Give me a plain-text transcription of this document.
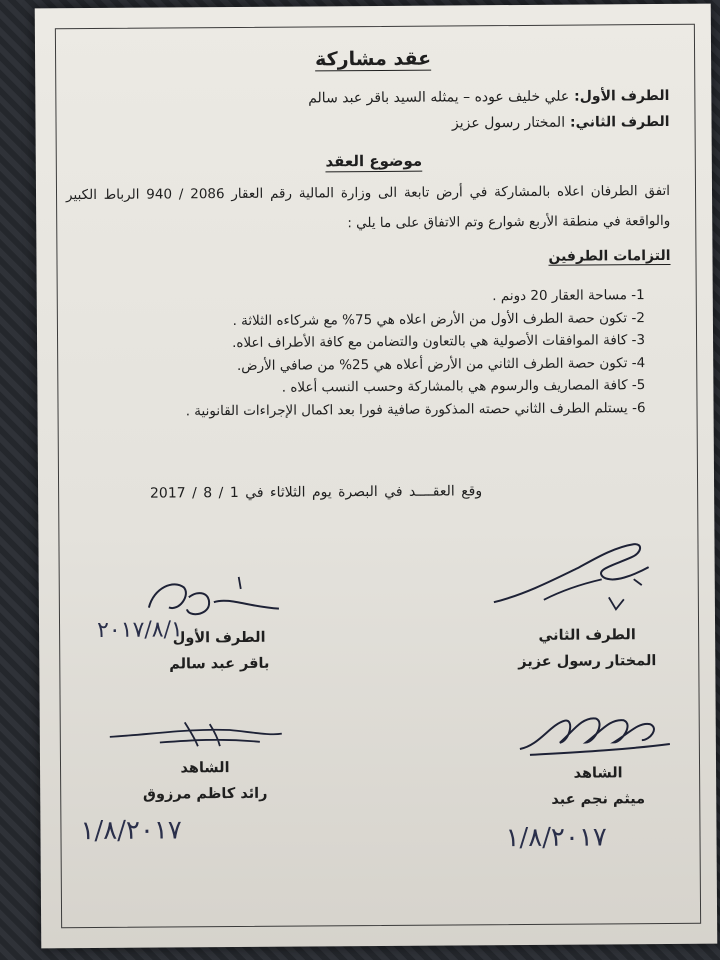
عقد مشاركة
الطرف الأول: علي خليف عوده – يمثله السيد باقر عبد سالم
الطرف الثاني: المختار رسول عزيز
موضوع العقد
اتفق الطرفان اعلاه بالمشاركة في أرض تابعة الى وزارة المالية رقم العقار 2086 / 940 الرباط الكبير والواقعة في منطقة الأربع شوارع وتم الاتفاق على ما يلي :
التزامات الطرفين
1- مساحة العقار 20 دونم .
2- تكون حصة الطرف الأول من الأرض اعلاه هي 75% مع شركاءه الثلاثة .
3- كافة الموافقات الأصولية هي بالتعاون والتضامن مع كافة الأطراف اعلاه.
4- تكون حصة الطرف الثاني من الأرض أعلاه هي 25% من صافي الأرض.
5- كافة المصاريف والرسوم هي بالمشاركة وحسب النسب أعلاه .
6- يستلم الطرف الثاني حصته المذكورة صافية فورا بعد اكمال الإجراءات القانونية .
وقع العقــــد في البصرة يوم الثلاثاء في 1 / 8 / 2017
الطرف الثاني
المختار رسول عزيز
٢٠١٧/٨/١
الطرف الأول
باقر عبد سالم
الشاهد
رائد كاظم مرزوق
١/٨/٢٠١٧
الشاهد
ميثم نجم عبد
١/٨/٢٠١٧
